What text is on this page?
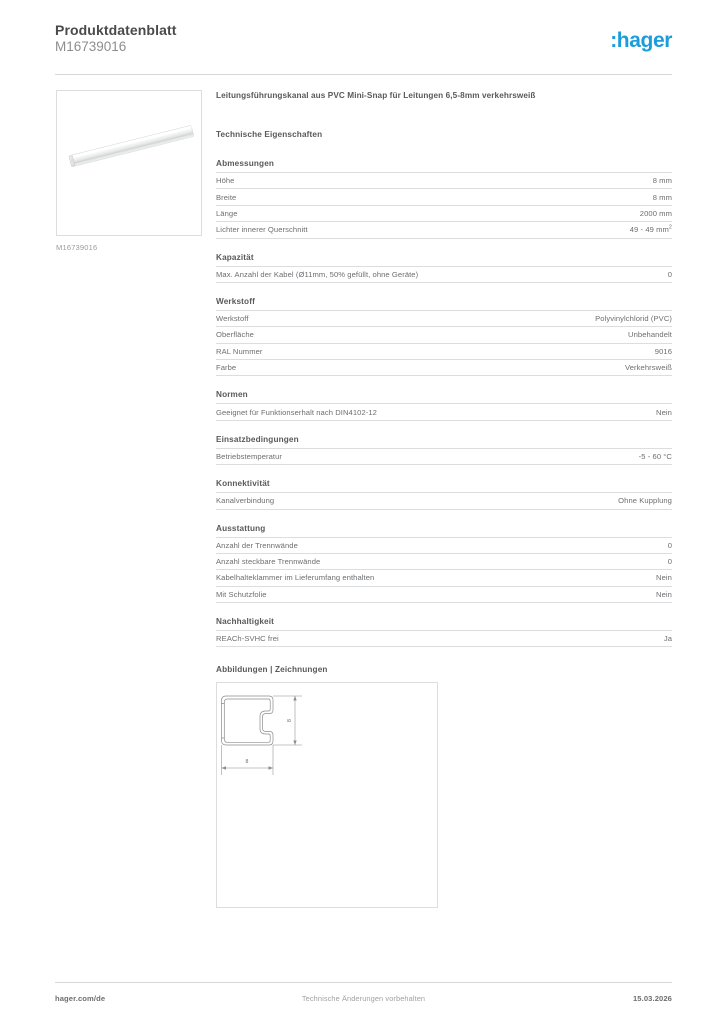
Produktdatenblatt
M16739016	:hager
M16739016
Leitungsführungskanal aus PVC Mini-Snap für Leitungen 6,5-8mm verkehrsweiß
Technische Eigenschaften
Abmessungen
Höhe	8 mm
Breite	8 mm
Länge	2000 mm
Lichter innerer Querschnitt	49 - 49 $mm^2$
Kapazität
Max. Anzahl der Kabel (Ø11mm, 50% gefüllt, ohne Geräte)	0
Werkstoff
Werkstoff	Polyvinylchlorid (PVC)
Oberfläche	Unbehandelt
RAL Nummer	9016
Farbe	Verkehrsweiß
Normen
Geeignet für Funktionserhalt nach DIN4102-12	Nein
Einsatzbedingungen
Betriebstemperatur	-5 - 60 °C
Konnektivität
Kanalverbindung	Ohne Kupplung
Ausstattung
Anzahl der Trennwände	0
Anzahl steckbare Trennwände	0
Kabelhalteklammer im Lieferumfang enthalten	Nein
Mit Schutzfolie	Nein
Nachhaltigkeit
REACh-SVHC frei	Ja
Abbildungen | Zeichnungen
8
8
hager.com/de	Technische Änderungen vorbehalten	15.03.2026
